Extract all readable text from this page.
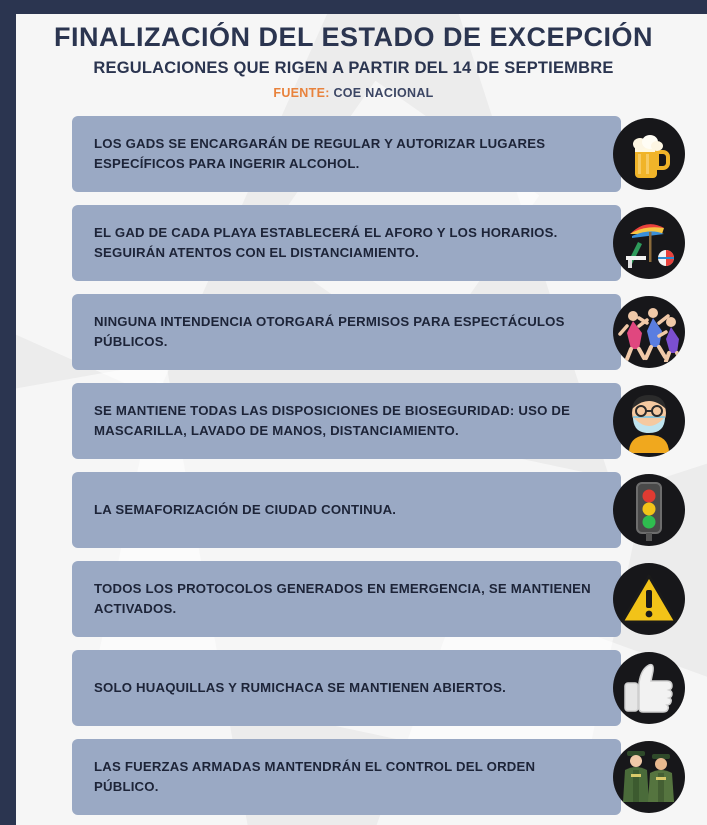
FINALIZACIÓN DEL ESTADO DE EXCEPCIÓN
REGULACIONES QUE RIGEN A PARTIR DEL 14 DE SEPTIEMBRE
FUENTE: COE NACIONAL
LOS GADS SE ENCARGARÁN DE REGULAR Y AUTORIZAR LUGARES ESPECÍFICOS PARA INGERIR ALCOHOL.
EL GAD DE CADA PLAYA ESTABLECERÁ EL AFORO Y LOS HORARIOS. SEGUIRÁN ATENTOS CON EL DISTANCIAMIENTO.
NINGUNA INTENDENCIA OTORGARÁ PERMISOS PARA ESPECTÁCULOS PÚBLICOS.
SE MANTIENE TODAS LAS DISPOSICIONES DE BIOSEGURIDAD: USO DE MASCARILLA, LAVADO DE MANOS, DISTANCIAMIENTO.
LA SEMAFORIZACIÓN DE CIUDAD CONTINUA.
TODOS LOS PROTOCOLOS GENERADOS EN EMERGENCIA, SE MANTIENEN ACTIVADOS.
SOLO HUAQUILLAS Y RUMICHACA SE MANTIENEN ABIERTOS.
LAS FUERZAS ARMADAS MANTENDRÁN EL CONTROL DEL ORDEN PÚBLICO.
